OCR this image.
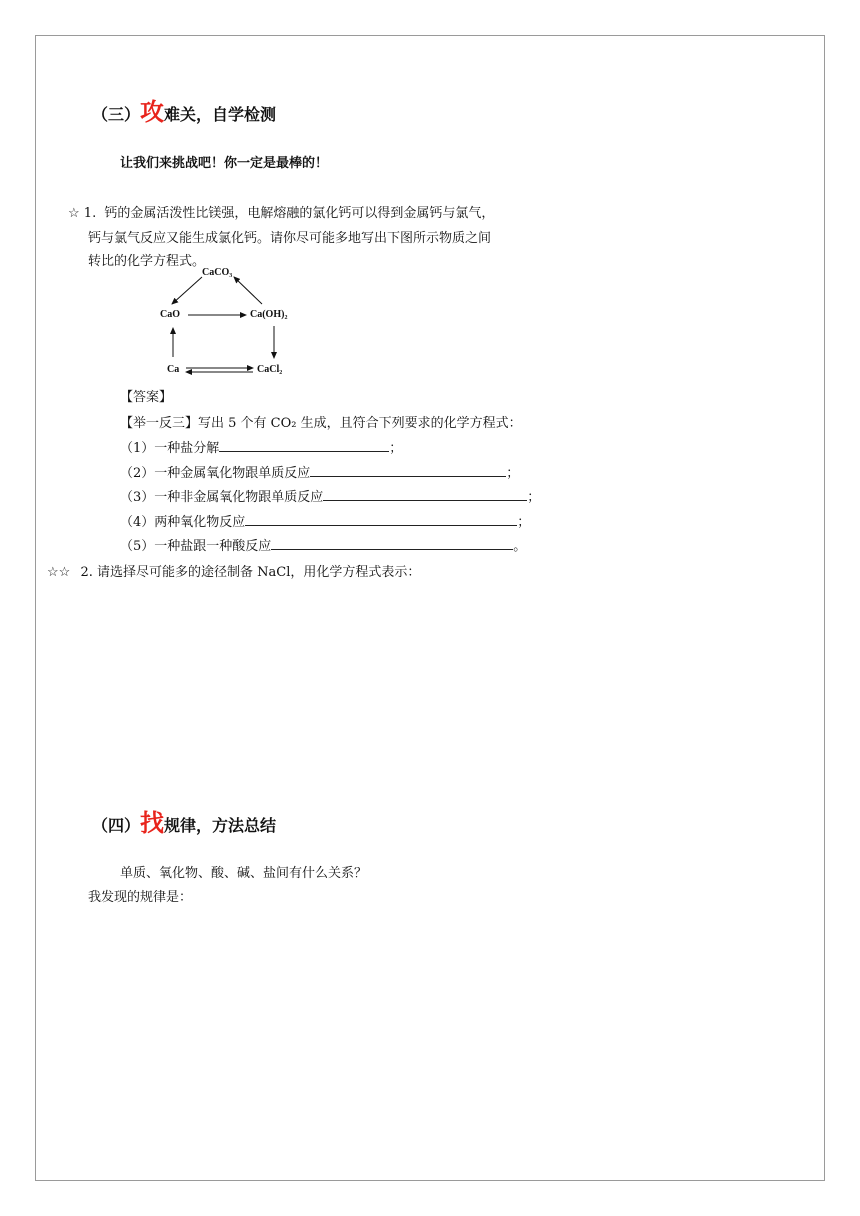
（三）攻难关，自学检测
让我们来挑战吧！你一定是最棒的！
☆ 1. 钙的金属活泼性比镁强，电解熔融的氯化钙可以得到金属钙与氯气，
钙与氯气反应又能生成氯化钙。请你尽可能多地写出下图所示物质之间
转比的化学方程式。
CaCO₃
CaO	Ca(OH)₂
Ca	CaCl₂
【答案】
【举一反三】写出 5 个有 CO₂ 生成，且符合下列要求的化学方程式：
（1）一种盐分解	；
（2）一种金属氧化物跟单质反应	；
（3）一种非金属氧化物跟单质反应	；
（4）两种氧化物反应	；
（5）一种盐跟一种酸反应	。
☆☆ 2. 请选择尽可能多的途径制备 NaCl，用化学方程式表示：
（四）找规律，方法总结
单质、氧化物、酸、碱、盐间有什么关系？
我发现的规律是：
